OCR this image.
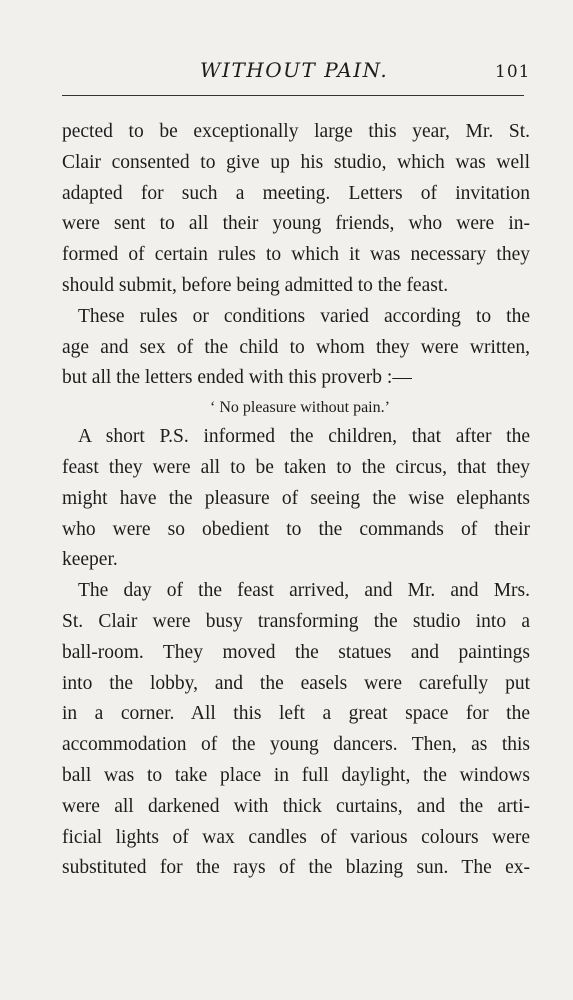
WITHOUT PAIN.	101
pected to be exceptionally large this year, Mr. St.
Clair consented to give up his studio, which was well
adapted for such a meeting. Letters of invitation
were sent to all their young friends, who were in-
formed of certain rules to which it was necessary they
should submit, before being admitted to the feast.
These rules or conditions varied according to the
age and sex of the child to whom they were written,
but all the letters ended with this proverb :—
‘ No pleasure without pain.’
A short P.S. informed the children, that after the
feast they were all to be taken to the circus, that they
might have the pleasure of seeing the wise elephants
who were so obedient to the commands of their
keeper.
The day of the feast arrived, and Mr. and Mrs.
St. Clair were busy transforming the studio into a
ball-room. They moved the statues and paintings
into the lobby, and the easels were carefully put
in a corner. All this left a great space for the
accommodation of the young dancers. Then, as this
ball was to take place in full daylight, the windows
were all darkened with thick curtains, and the arti-
ficial lights of wax candles of various colours were
substituted for the rays of the blazing sun. The ex-
